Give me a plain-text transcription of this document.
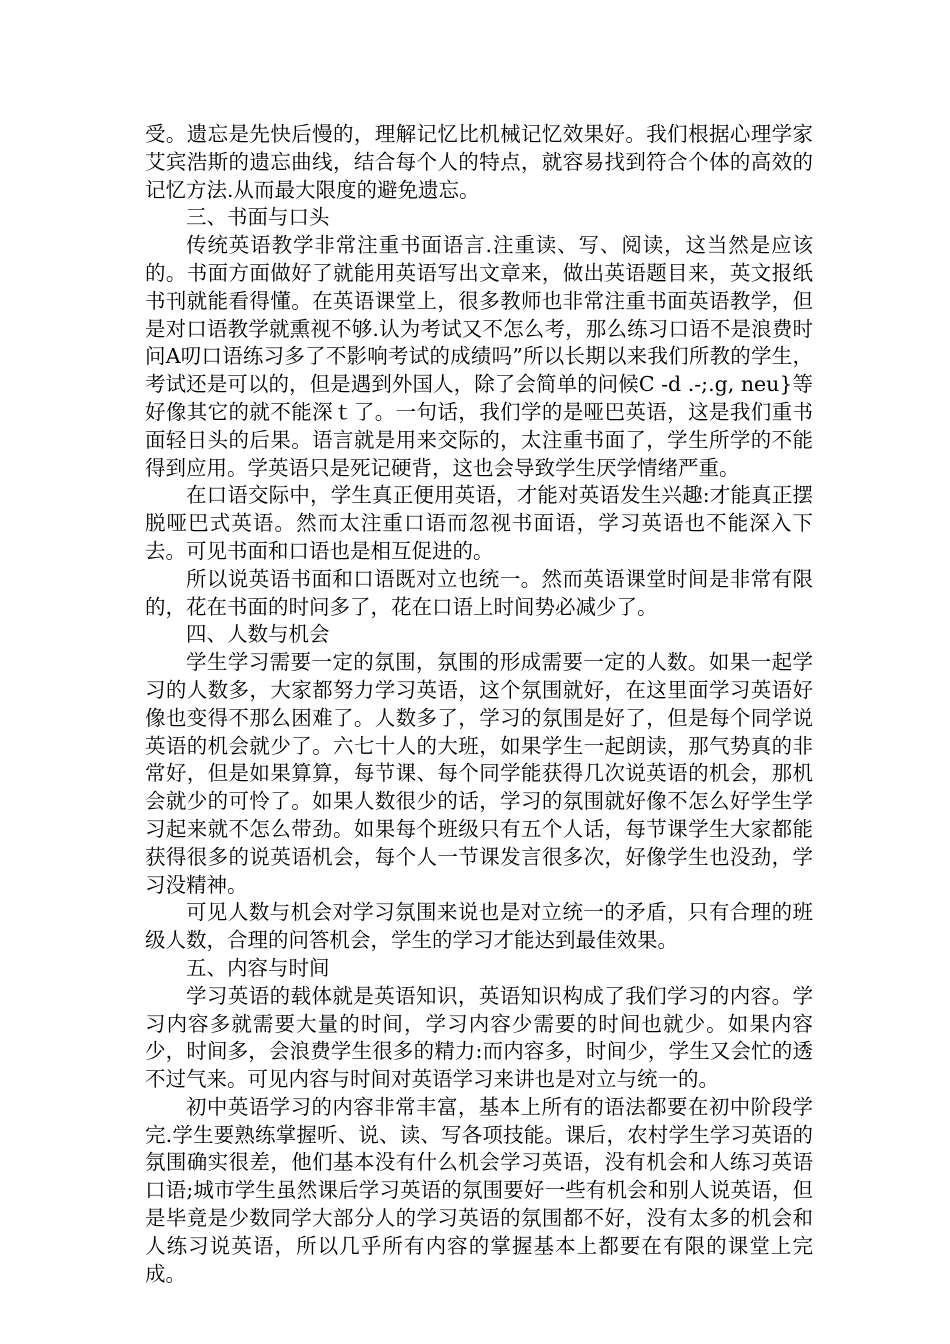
受。遗忘是先快后慢的，理解记忆比机械记忆效果好。我们根据心理学家艾宾浩斯的遗忘曲线，结合每个人的特点，就容易找到符合个体的高效的记忆方法.从而最大限度的避免遗忘。

三、书面与口头

传统英语教学非常注重书面语言.注重读、写、阅读，这当然是应该的。书面方面做好了就能用英语写出文章来，做出英语题目来，英文报纸书刊就能看得懂。在英语课堂上，很多教师也非常注重书面英语教学，但是对口语教学就熏视不够.认为考试又不怎么考，那么练习口语不是浪费时问A叨口语练习多了不影响考试的成绩吗”所以长期以来我们所教的学生，考试还是可以的，但是遇到外国人，除了会简单的问候C -d .-;.g, neu}等好像其它的就不能深ｔ了。一句话，我们学的是哑巴英语，这是我们重书面轻日头的后果。语言就是用来交际的，太注重书面了，学生所学的不能得到应用。学英语只是死记硬背，这也会导致学生厌学情绪严重。

在口语交际中，学生真正便用英语，才能对英语发生兴趣:才能真正摆脱哑巴式英语。然而太注重口语而忽视书面语，学习英语也不能深入下去。可见书面和口语也是相互促进的。

所以说英语书面和口语既对立也统一。然而英语课堂时间是非常有限的，花在书面的时问多了，花在口语上时间势必减少了。

四、人数与机会

学生学习需要一定的氛围，氛围的形成需要一定的人数。如果一起学习的人数多，大家都努力学习英语，这个氛围就好，在这里面学习英语好像也变得不那么困难了。人数多了，学习的氛围是好了，但是每个同学说英语的机会就少了。六七十人的大班，如果学生一起朗读，那气势真的非常好，但是如果算算，每节课、每个同学能获得几次说英语的机会，那机会就少的可怜了。如果人数很少的话，学习的氛围就好像不怎么好学生学习起来就不怎么带劲。如果每个班级只有五个人话，每节课学生大家都能获得很多的说英语机会，每个人一节课发言很多次，好像学生也没劲，学习没精神。

可见人数与机会对学习氛围来说也是对立统一的矛盾，只有合理的班级人数，合理的问答机会，学生的学习才能达到最佳效果。

五、内容与时间

学习英语的载体就是英语知识，英语知识构成了我们学习的内容。学习内容多就需要大量的时间，学习内容少需要的时间也就少。如果内容少，时间多，会浪费学生很多的精力:而内容多，时间少，学生又会忙的透不过气来。可见内容与时间对英语学习来讲也是对立与统一的。

初中英语学习的内容非常丰富，基本上所有的语法都要在初中阶段学完.学生要熟练掌握听、说、读、写各项技能。课后，农村学生学习英语的氛围确实很差，他们基本没有什么机会学习英语，没有机会和人练习英语口语;城市学生虽然课后学习英语的氛围要好一些有机会和别人说英语，但是毕竟是少数同学大部分人的学习英语的氛围都不好，没有太多的机会和人练习说英语，所以几乎所有内容的掌握基本上都要在有限的课堂上完成。
